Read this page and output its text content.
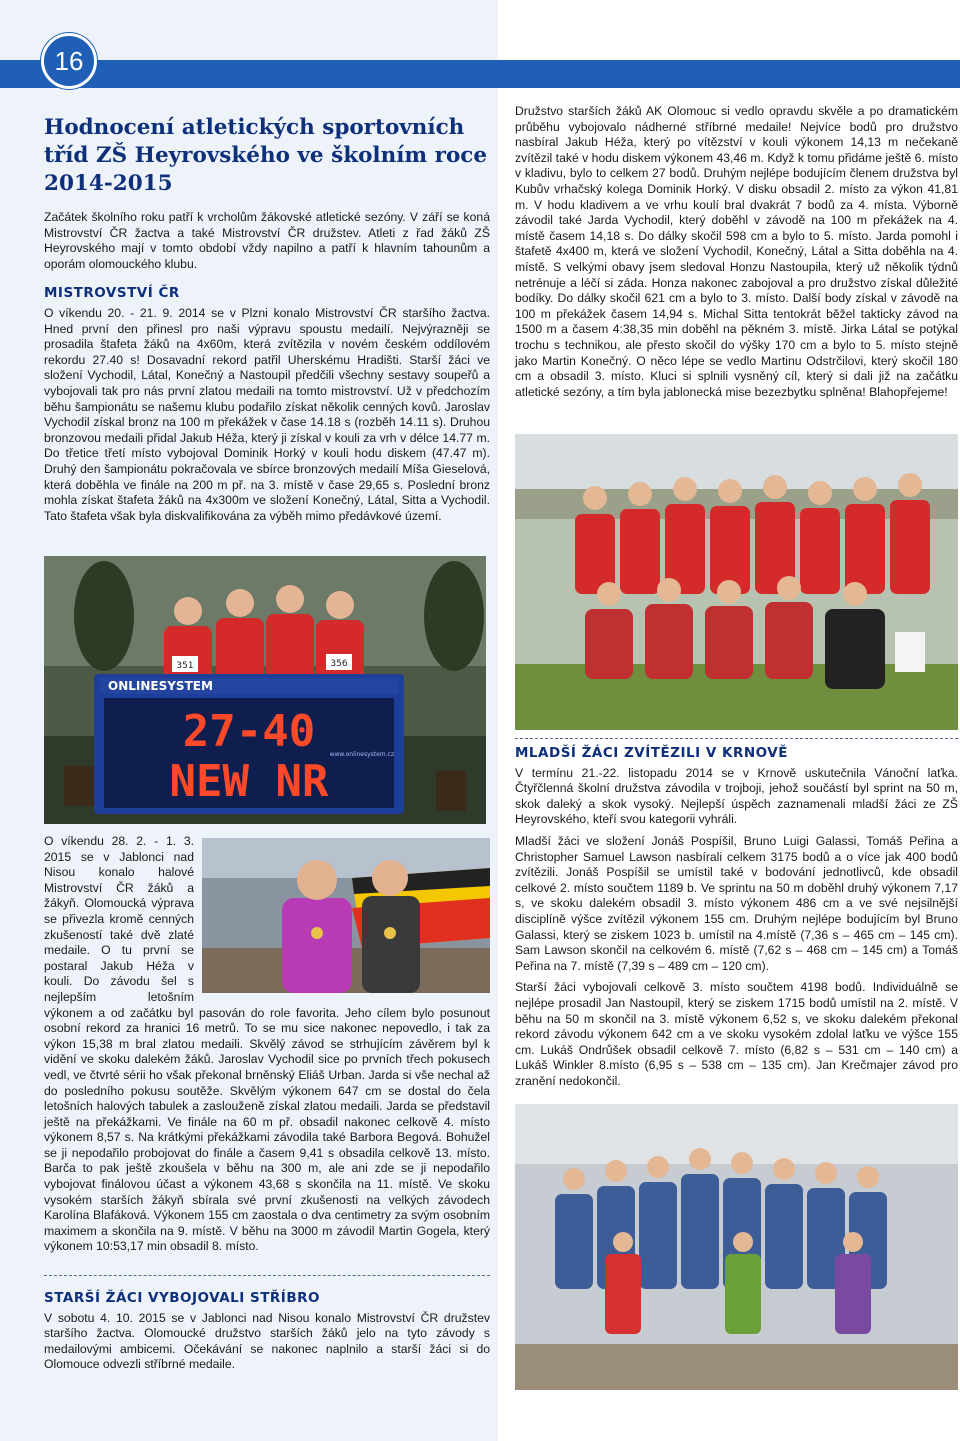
16
Hodnocení atletických sportovních tříd ZŠ Heyrovského ve školním roce 2014-2015

Začátek školního roku patří k vrcholům žákovské atletické sezóny. V září se koná Mistrovství ČR žactva a také Mistrovství ČR družstev. Atleti z řad žáků ZŠ Heyrovského mají v tomto období vždy napilno a patří k hlavním tahounům a oporám olomouckého klubu.

MISTROVSTVÍ ČR

O víkendu 20. - 21. 9. 2014 se v Plzni konalo Mistrovství ČR staršího žactva. Hned první den přinesl pro naši výpravu spoustu medailí. Nejvýrazněji se prosadila štafeta žáků na 4x60m, která zvítězila v novém českém oddílovém rekordu 27.40 s! Dosavadní rekord patřil Uherskému Hradišti. Starší žáci ve složení Vychodil, Látal, Konečný a Nastoupil předčili všechny sestavy soupeřů a vybojovali tak pro nás první zlatou medaili na tomto mistrovství. Už v předchozím běhu šampionátu se našemu klubu podařilo získat několik cenných kovů. Jaroslav Vychodil získal bronz na 100 m překážek v čase 14.18 s (rozběh 14.11 s). Druhou bronzovou medaili přidal Jakub Héža, který ji získal v kouli za vrh v délce 14.77 m. Do třetice třetí místo vybojoval Dominik Horký v kouli hodu diskem (47.47 m). Druhý den šampionátu pokračovala ve sbírce bronzových medailí Míša Gieselová, která doběhla ve finále na 200 m př. na 3. místě v čase 29,65 s. Poslední bronz mohla získat štafeta žáků na 4x300m ve složení Konečný, Látal, Sitta a Vychodil. Tato štafeta však byla diskvalifikována za výběh mimo předávkové území.

351	356
ONLINESYSTEM
27-40
NEW NR
www.onlinesystem.cz

O víkendu 28. 2. - 1. 3. 2015 se v Jablonci nad Nisou konalo halové Mistrovství ČR žáků a žákyň. Olomoucká výprava se přivezla kromě cenných zkušeností také dvě zlaté medaile. O tu první se postaral Jakub Héža v kouli. Do závodu šel s nejlepším letošním výkonem a od začátku byl pasován do role favorita. Jeho cílem bylo posunout osobní rekord za hranici 16 metrů. To se mu sice nakonec nepovedlo, i tak za výkon 15,38 m bral zlatou medaili. Skvělý závod se strhujícím závěrem byl k vidění ve skoku dalekém žáků. Jaroslav Vychodil sice po prvních třech pokusech vedl, ve čtvrté sérii ho však překonal brněnský Eliáš Urban. Jarda si vše nechal až do posledního pokusu soutěže. Skvělým výkonem 647 cm se dostal do čela letošních halových tabulek a zaslouženě získal zlatou medaili. Jarda se představil ještě na překážkami. Ve finále na 60 m př. obsadil nakonec celkově 4. místo výkonem 8,57 s. Na krátkými překážkami závodila také Barbora Begová. Bohužel se ji nepodařilo probojovat do finále a časem 9,41 s obsadila celkově 13. místo. Barča to pak ještě zkoušela v běhu na 300 m, ale ani zde se ji nepodařilo vybojovat finálovou účast a výkonem 43,68 s skončila na 11. místě. Ve skoku vysokém starších žákyň sbírala své první zkušenosti na velkých závodech Karolína Blafáková. Výkonem 155 cm zaostala o dva centimetry za svým osobním maximem a skončila na 9. místě. V běhu na 3000 m závodil Martin Gogela, který výkonem 10:53,17 min obsadil 8. místo.

STARŠÍ ŽÁCI VYBOJOVALI STŘÍBRO

V sobotu 4. 10. 2015 se v Jablonci nad Nisou konalo Mistrovství ČR družstev staršího žactva. Olomoucké družstvo starších žáků jelo na tyto závody s medailovými ambicemi. Očekávání se nakonec naplnilo a starší žáci si do Olomouce odvezli stříbrné medaile.

Družstvo starších žáků AK Olomouc si vedlo opravdu skvěle a po dramatickém průběhu vybojovalo nádherné stříbrné medaile! Nejvíce bodů pro družstvo nasbíral Jakub Héža, který po vítězství v kouli výkonem 14,13 m nečekaně zvítězil také v hodu diskem výkonem 43,46 m. Když k tomu přidáme ještě 6. místo v kladivu, bylo to celkem 27 bodů. Druhým nejlépe bodujícím členem družstva byl Kubův vrhačský kolega Dominik Horký. V disku obsadil 2. místo za výkon 41,81 m. V hodu kladivem a ve vrhu koulí bral dvakrát 7 bodů za 4. místa. Výborně závodil také Jarda Vychodil, který doběhl v závodě na 100 m překážek na 4. místě časem 14,18 s. Do dálky skočil 598 cm a bylo to 5. místo. Jarda pomohl i štafetě 4x400 m, která ve složení Vychodil, Konečný, Látal a Sitta doběhla na 4. místě. S velkými obavy jsem sledoval Honzu Nastoupila, který už několik týdnů netrénuje a léčí si záda. Honza nakonec zabojoval a pro družstvo získal důležité bodíky. Do dálky skočil 621 cm a bylo to 3. místo. Další body získal v závodě na 100 m překážek časem 14,94 s. Michal Sitta tentokrát běžel takticky závod na 1500 m a časem 4:38,35 min doběhl na pěkném 3. místě. Jirka Látal se potýkal trochu s technikou, ale přesto skočil do výšky 170 cm a bylo to 5. místo stejně jako Martin Konečný. O něco lépe se vedlo Martinu Odstrčilovi, který skočil 180 cm a obsadil 3. místo. Kluci si splnili vysněný cíl, který si dali již na začátku atletické sezóny, a tím byla jablonecká mise bezezbytku splněna! Blahopřejeme!

MLADŠÍ ŽÁCI ZVÍTĚZILI V KRNOVĚ

V termínu 21.-22. listopadu 2014 se v Krnově uskutečnila Vánoční laťka. Čtyřčlenná školní družstva závodila v trojboji, jehož součástí byl sprint na 50 m, skok daleký a skok vysoký. Nejlepší úspěch zaznamenali mladší žáci ze ZŠ Heyrovského, kteří svou kategorii vyhráli.

Mladší žáci ve složení Jonáš Pospíšil, Bruno Luigi Galassi, Tomáš Peřina a Christopher Samuel Lawson nasbírali celkem 3175 bodů a o více jak 400 bodů zvítězili. Jonáš Pospíšil se umístil také v bodování jednotlivců, kde obsadil celkové 2. místo součtem 1189 b. Ve sprintu na 50 m doběhl druhý výkonem 7,17 s, ve skoku dalekém obsadil 3. místo výkonem 486 cm a ve své nejsilnější disciplíně výšce zvítězil výkonem 155 cm. Druhým nejlépe bodujícím byl Bruno Galassi, který se ziskem 1023 b. umístil na 4.místě (7,36 s – 465 cm – 145 cm). Sam Lawson skončil na celkovém 6. místě (7,62 s – 468 cm – 145 cm) a Tomáš Peřina na 7. místě (7,39 s – 489 cm – 120 cm).

Starší žáci vybojovali celkově 3. místo součtem 4198 bodů. Individuálně se nejlépe prosadil Jan Nastoupil, který se ziskem 1715 bodů umístil na 2. místě. V běhu na 50 m skončil na 3. místě výkonem 6,52 s, ve skoku dalekém překonal rekord závodu výkonem 642 cm a ve skoku vysokém zdolal laťku ve výšce 155 cm. Lukáš Ondrůšek obsadil celkově 7. místo (6,82 s – 531 cm – 140 cm) a Lukáš Winkler 8.místo (6,95 s – 538 cm – 135 cm). Jan Krečmajer závod pro zranění nedokončil.
